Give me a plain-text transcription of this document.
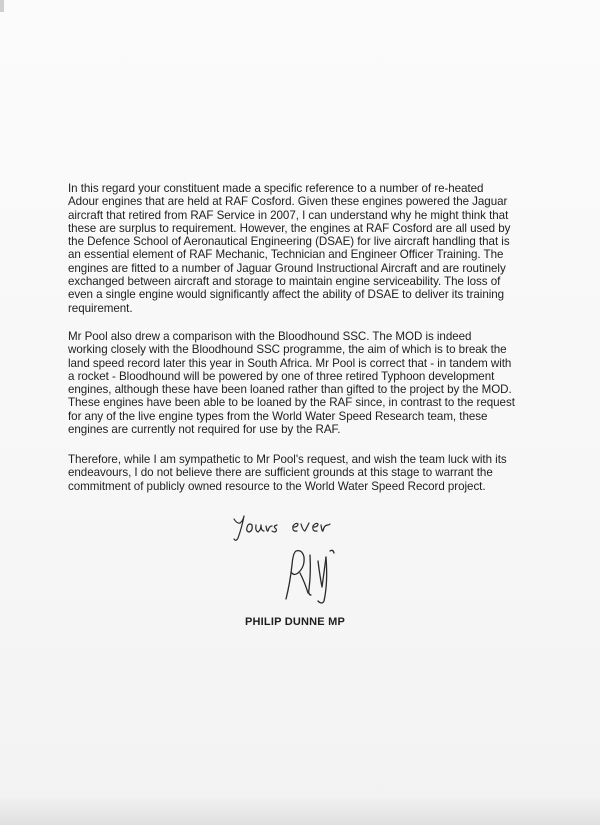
In this regard your constituent made a specific reference to a number of re-heated
Adour engines that are held at RAF Cosford. Given these engines powered the Jaguar
aircraft that retired from RAF Service in 2007, I can understand why he might think that
these are surplus to requirement. However, the engines at RAF Cosford are all used by
the Defence School of Aeronautical Engineering (DSAE) for live aircraft handling that is
an essential element of RAF Mechanic, Technician and Engineer Officer Training. The
engines are fitted to a number of Jaguar Ground Instructional Aircraft and are routinely
exchanged between aircraft and storage to maintain engine serviceability. The loss of
even a single engine would significantly affect the ability of DSAE to deliver its training
requirement.

Mr Pool also drew a comparison with the Bloodhound SSC. The MOD is indeed
working closely with the Bloodhound SSC programme, the aim of which is to break the
land speed record later this year in South Africa. Mr Pool is correct that - in tandem with
a rocket - Bloodhound will be powered by one of three retired Typhoon development
engines, although these have been loaned rather than gifted to the project by the MOD.
These engines have been able to be loaned by the RAF since, in contrast to the request
for any of the live engine types from the World Water Speed Research team, these
engines are currently not required for use by the RAF.

Therefore, while I am sympathetic to Mr Pool's request, and wish the team luck with its
endeavours, I do not believe there are sufficient grounds at this stage to warrant the
commitment of publicly owned resource to the World Water Speed Record project.

PHILIP DUNNE MP
